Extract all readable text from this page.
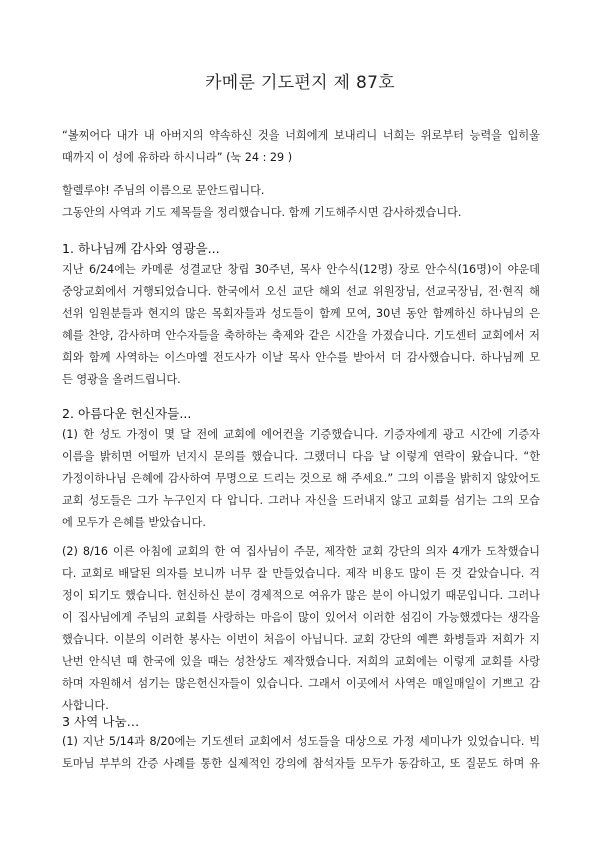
카메룬 기도편지 제 87호
“볼찌어다 내가 내 아버지의 약속하신 것을 너희에게 보내리니 너희는 위로부터 능력을 입히울
때까지 이 성에 유하라 하시니라” (눅 24 : 29 )
할렐루야! 주님의 이름으로 문안드립니다.
그동안의 사역과 기도 제목들을 정리했습니다. 함께 기도해주시면 감사하겠습니다.
1. 하나님께 감사와 영광을...
지난 6/24에는 카메룬 성결교단 창립 30주년, 목사 안수식(12명) 장로 안수식(16명)이 야운데
중앙교회에서 거행되었습니다. 한국에서 오신 교단 해외 선교 위원장님, 선교국장님, 전·현직 해
선위 임원분들과 현지의 많은 목회자들과 성도들이 함께 모여, 30년 동안 함께하신 하나님의 은
혜를 찬양, 감사하며 안수자들을 축하하는 축제와 같은 시간을 가졌습니다. 기도센터 교회에서 저
희와 함께 사역하는 이스마엘 전도사가 이날 목사 안수를 받아서 더 감사했습니다. 하나님께 모
든 영광을 올려드립니다.
2. 아름다운 헌신자들...
(1) 한 성도 가정이 몇 달 전에 교회에 에어컨을 기증했습니다. 기증자에게 광고 시간에 기증자
이름을 밝히면 어떨까 넌지시 문의를 했습니다. 그랬더니 다음 날 이렇게 연락이 왔습니다. “한
가정이하나님 은혜에 감사하여 무명으로 드리는 것으로 해 주세요.” 그의 이름을 밝히지 않았어도
교회 성도들은 그가 누구인지 다 압니다. 그러나 자신을 드러내지 않고 교회를 섬기는 그의 모습
에 모두가 은혜를 받았습니다.
(2) 8/16 이른 아침에 교회의 한 여 집사님이 주문, 제작한 교회 강단의 의자 4개가 도착했습니
다. 교회로 배달된 의자를 보니까 너무 잘 만들었습니다. 제작 비용도 많이 든 것 같았습니다. 걱
정이 되기도 했습니다. 헌신하신 분이 경제적으로 여유가 많은 분이 아니었기 때문입니다. 그러나
이 집사님에게 주님의 교회를 사랑하는 마음이 많이 있어서 이러한 섬김이 가능했겠다는 생각을
했습니다. 이분의 이러한 봉사는 이번이 처음이 아닙니다. 교회 강단의 예쁜 화병들과 저희가 지
난번 안식년 때 한국에 있을 때는 성찬상도 제작했습니다. 저희의 교회에는 이렇게 교회를 사랑
하며 자원해서 섬기는 많은헌신자들이 있습니다. 그래서 이곳에서 사역은 매일매일이 기쁘고 감
사합니다.
3 사역 나눔…
(1) 지난 5/14과 8/20에는 기도센터 교회에서 성도들을 대상으로 가정 세미나가 있었습니다. 빅
토마님 부부의 간증 사례를 통한 실제적인 강의에 참석자들 모두가 동감하고, 또 질문도 하며 유
